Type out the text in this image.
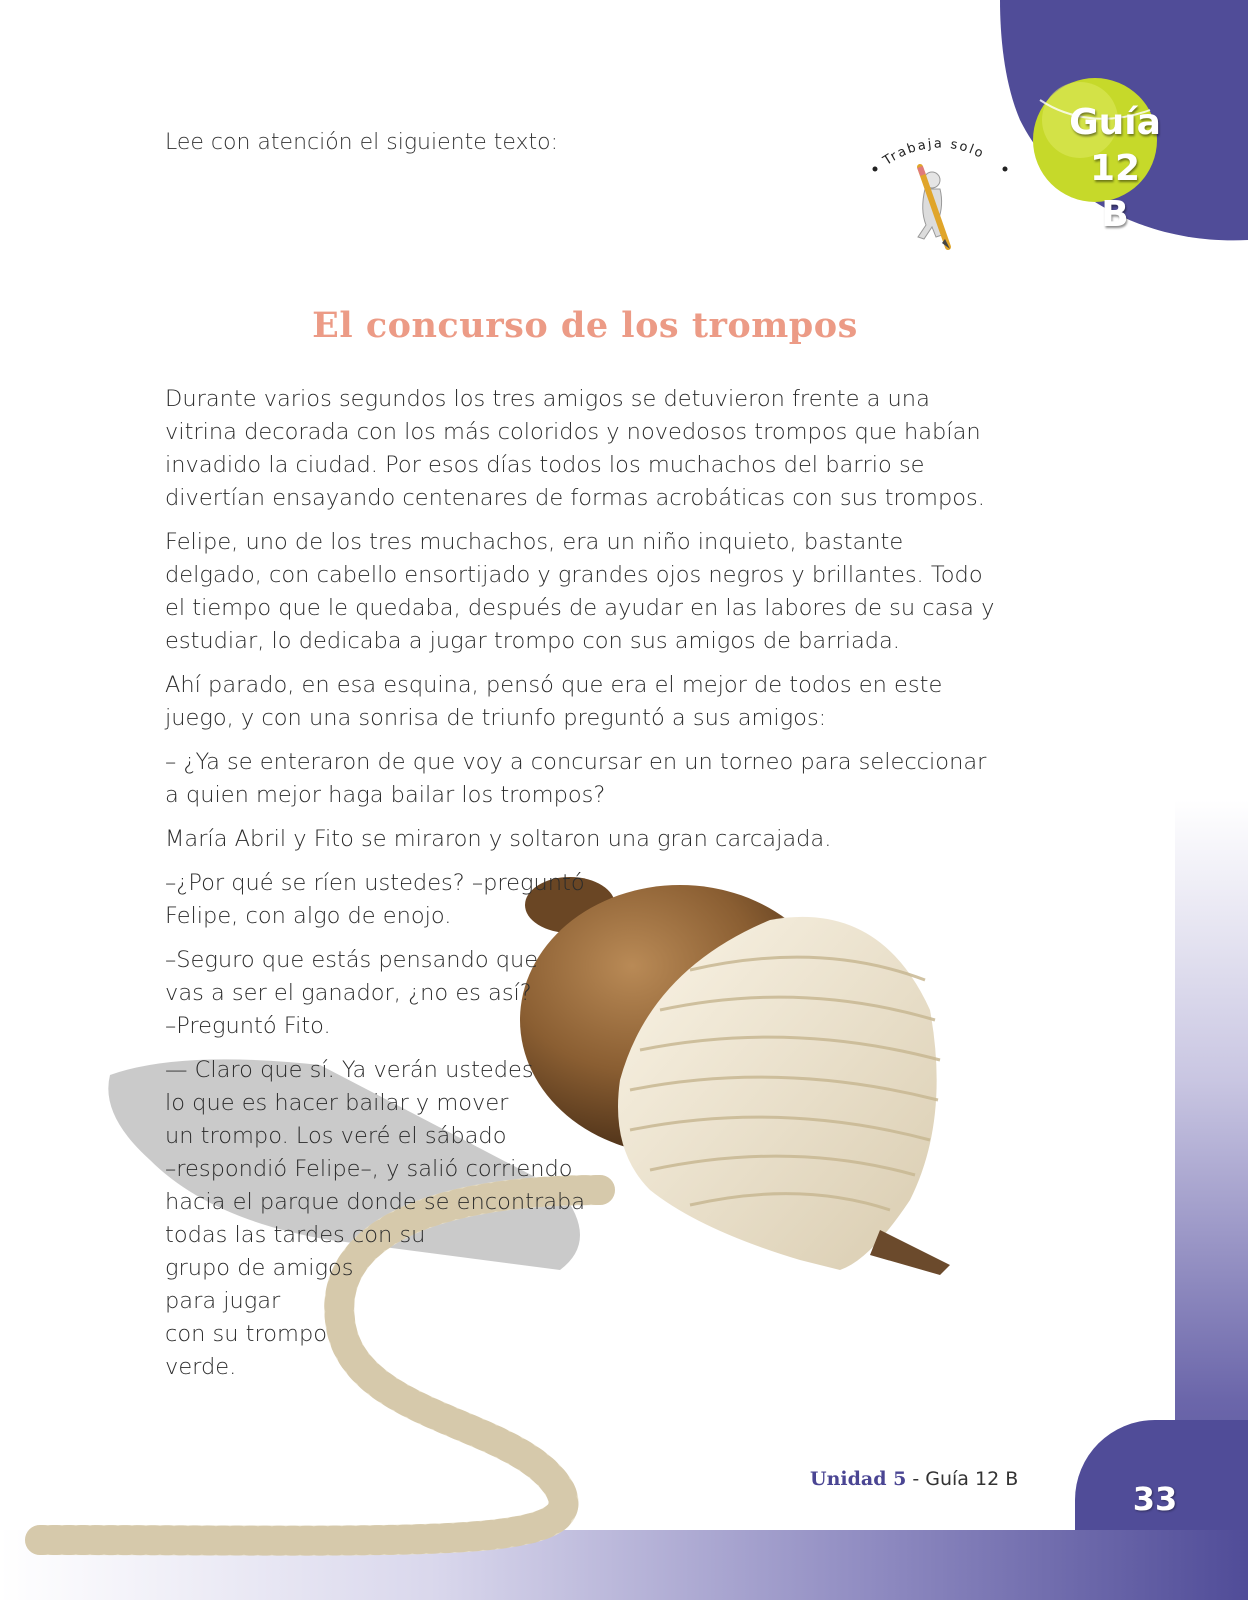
Guía 12
B
Trabaja solo
Lee con atención el siguiente texto:
El concurso de los trompos

Durante varios segundos los tres amigos se detuvieron frente a una vitrina decorada con los más coloridos y novedosos trompos que habían invadido la ciudad. Por esos días todos los muchachos del barrio se divertían ensayando centenares de formas acrobáticas con sus trompos.

Felipe, uno de los tres muchachos, era un niño inquieto, bastante delgado, con cabello ensortijado y grandes ojos negros y brillantes. Todo el tiempo que le quedaba, después de ayudar en las labores de su casa y estudiar, lo dedicaba a jugar trompo con sus amigos de barriada.

Ahí parado, en esa esquina, pensó que era el mejor de todos en este juego, y con una sonrisa de triunfo preguntó a sus amigos:

– ¿Ya se enteraron de que voy a concursar en un torneo para seleccionar a quien mejor haga bailar los trompos?

María Abril y Fito se miraron y soltaron una gran carcajada.

–¿Por qué se ríen ustedes? –preguntó
Felipe, con algo de enojo.

–Seguro que estás pensando que
vas a ser el ganador, ¿no es así?
–Preguntó Fito.

— Claro que sí. Ya verán ustedes
lo que es hacer bailar y mover
un trompo. Los veré el sábado
–respondió Felipe–, y salió corriendo
hacia el parque donde se encontraba
todas las tardes con su
grupo de amigos
para jugar
con su trompo
verde.

Unidad 5 - Guía 12 B
33
